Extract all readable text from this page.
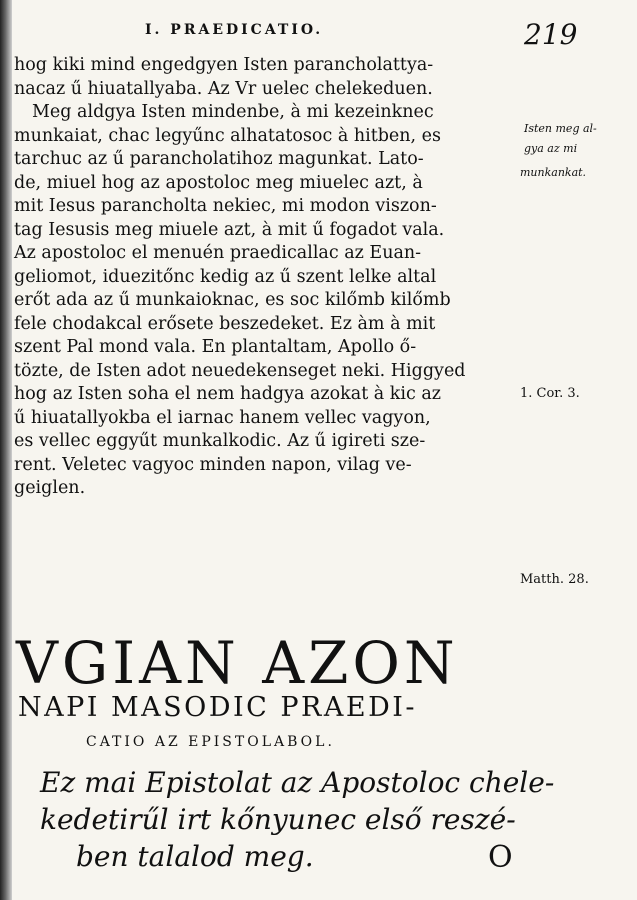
I. PRAEDICATIO.	219
hog kiki mind engedgyen Isten parancholattya-
nacaz ű hiuatallyaba. Az Vr uelec chelekeduen.
Meg aldgya Isten mindenbe, à mi kezeinknec
munkaiat, chac legyűnc alhatatosoc à hitben, es
tarchuc az ű parancholatihoz magunkat. Lato-
de, miuel hog az apostoloc meg miuelec azt, à
mit Iesus parancholta nekiec, mi modon viszon-
tag Iesusis meg miuele azt, à mit ű fogadot vala.
Az apostoloc el menuén praedicallac az Euan-
geliomot, iduezitőnc kedig az ű szent lelke altal
erőt ada az ű munkaioknac, es soc kilőmb kilőmb
fele chodakcal erősete beszedeket. Ez àm à mit
szent Pal mond vala. En plantaltam, Apollo ő-
tözte, de Isten adot neuedekenseget neki. Higgyed
hog az Isten soha el nem hadgya azokat à kic az
ű hiuatallyokba el iarnac hanem vellec vagyon,
es vellec eggyűt munkalkodic. Az ű igireti sze-
rent. Veletec vagyoc minden napon, vilag ve-
geiglen.
Isten meg al-
gya az mi
munkankat.
1. Cor. 3.
Matth. 28.
VGIAN AZON
NAPI MASODIC PRAEDI-
CATIO AZ EPISTOLABOL.
Ez mai Epistolat az Apostoloc chele-
kedetirűl irt kőnyunec első reszé-
ben talalod meg.	O
